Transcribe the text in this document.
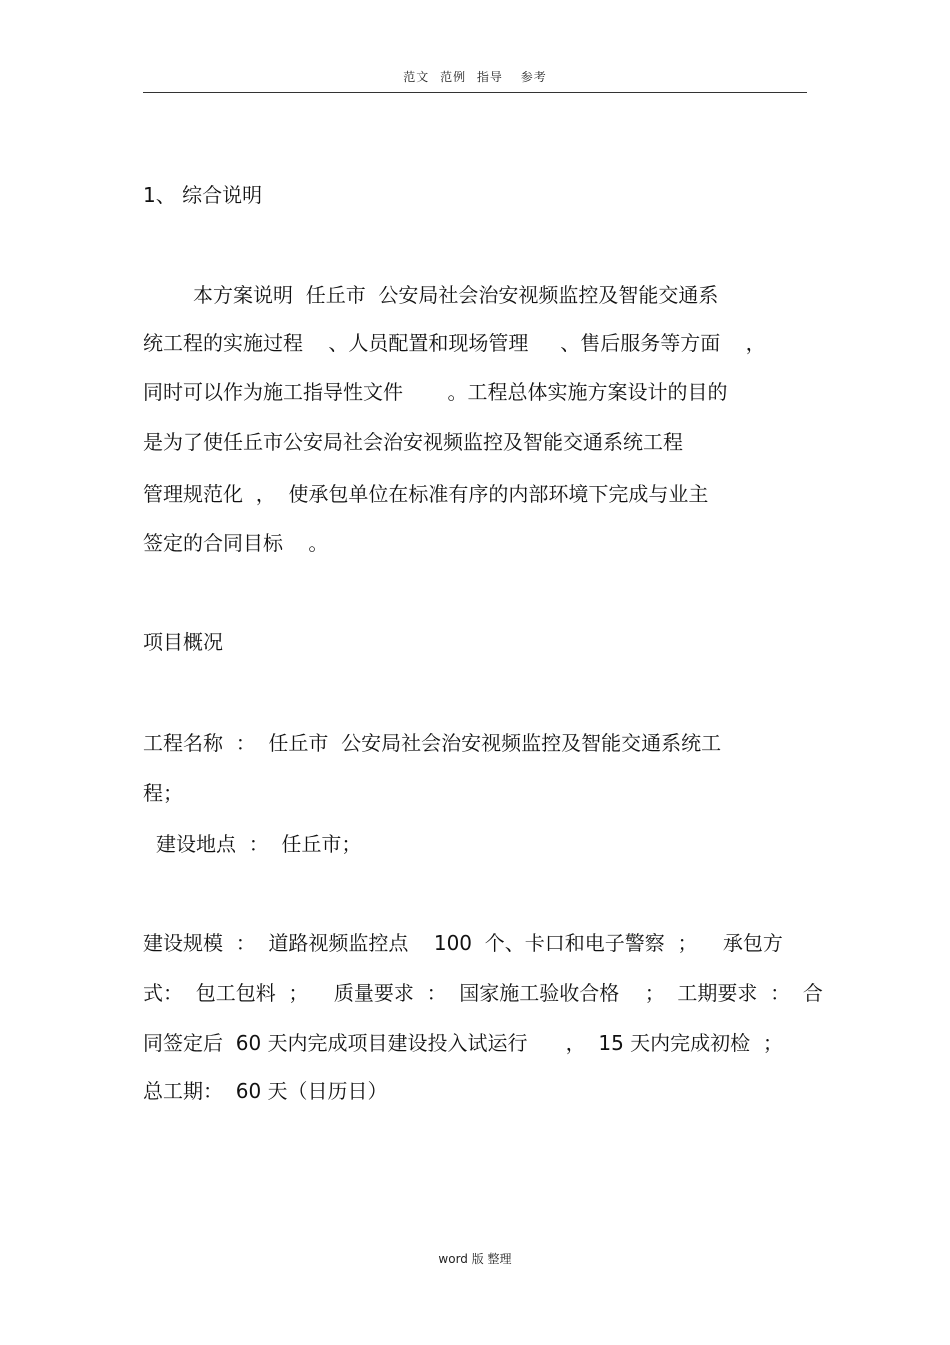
范文 范例 指导 参考
1、 综合说明
本方案说明  任丘市  公安局社会治安视频监控及智能交通系
统工程的实施过程    、人员配置和现场管理     、售后服务等方面    ，
同时可以作为施工指导性文件       。工程总体实施方案设计的目的
是为了使任丘市公安局社会治安视频监控及智能交通系统工程
管理规范化  ，  使承包单位在标准有序的内部环境下完成与业主
签定的合同目标    。
项目概况
工程名称  ：  任丘市  公安局社会治安视频监控及智能交通系统工
程；
建设地点  ：  任丘市；
建设规模  ：  道路视频监控点    100  个、卡口和电子警察  ；    承包方
式：  包工包料  ；    质量要求  ：  国家施工验收合格    ；  工期要求  ：  合
同签定后  60 天内完成项目建设投入试运行      ，  15 天内完成初检  ；
总工期：  60 天（日历日）
word 版 整理
